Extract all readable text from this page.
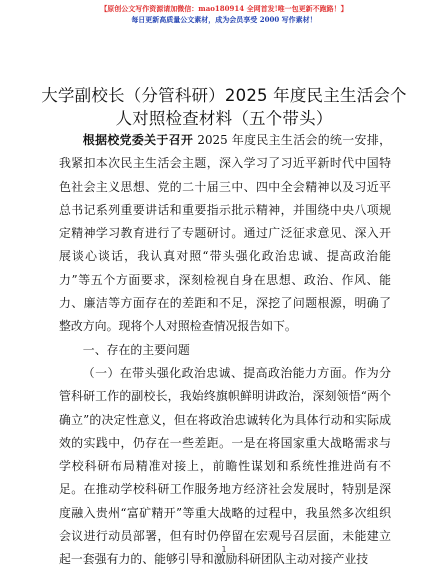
【原创公文写作资源请加微信：mao180914 全网首发!唯一包更新不跑路！】
每日更新高质量公文素材，成为会员享受 2000 写作素材！
大学副校长（分管科研）2025 年度民主生活会个人对照检查材料（五个带头）

根据校党委关于召开 2025 年度民主生活会的统一安排，我紧扣本次民主生活会主题，深入学习了习近平新时代中国特色社会主义思想、党的二十届三中、四中全会精神以及习近平总书记系列重要讲话和重要指示批示精神，并围绕中央八项规定精神学习教育进行了专题研讨。通过广泛征求意见、深入开展谈心谈话，我认真对照“带头强化政治忠诚、提高政治能力”等五个方面要求，深刻检视自身在思想、政治、作风、能力、廉洁等方面存在的差距和不足，深挖了问题根源，明确了整改方向。现将个人对照检查情况报告如下。

一、存在的主要问题

（一）在带头强化政治忠诚、提高政治能力方面。作为分管科研工作的副校长，我始终旗帜鲜明讲政治，深刻领悟“两个确立”的决定性意义，但在将政治忠诚转化为具体行动和实际成效的实践中，仍存在一些差距。一是在将国家重大战略需求与学校科研布局精准对接上，前瞻性谋划和系统性推进尚有不足。在推动学校科研工作服务地方经济社会发展时，特别是深度融入贵州“富矿精开”等重大战略的过程中，我虽然多次组织会议进行动员部署，但有时仍停留在宏观号召层面，未能建立起一套强有力的、能够引导和激励科研团队主动对接产业技

1
